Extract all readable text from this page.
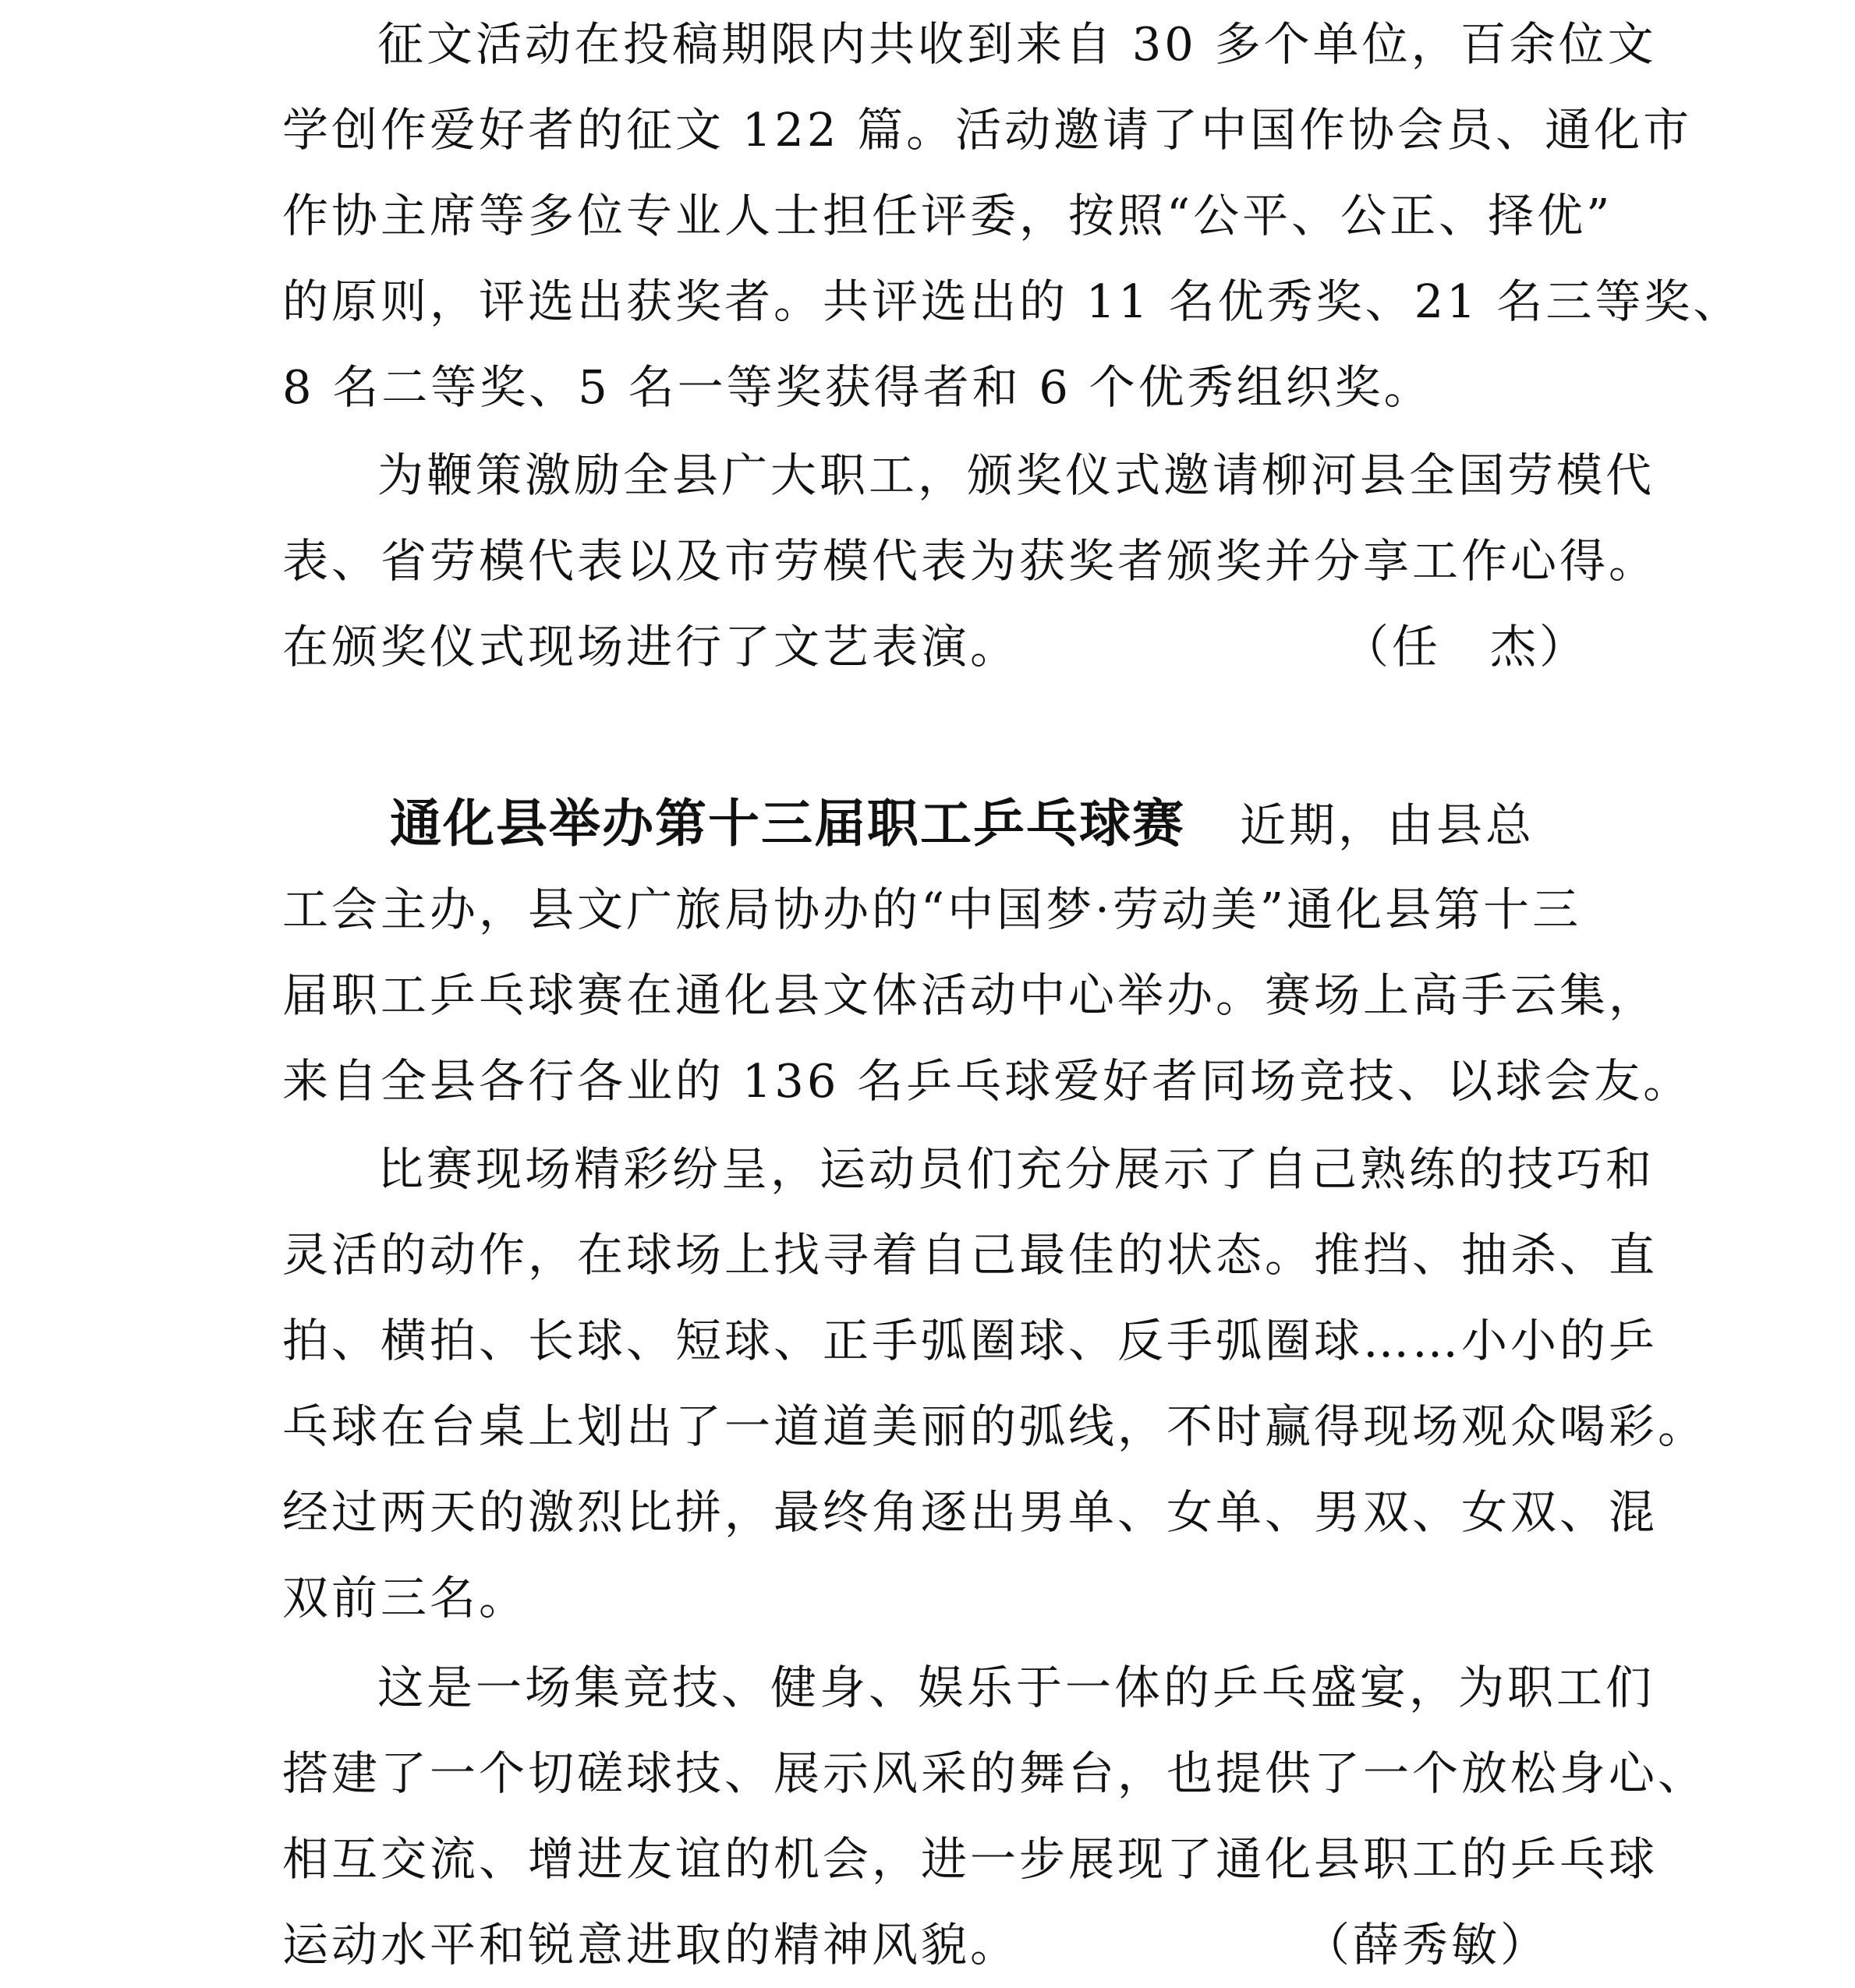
征文活动在投稿期限内共收到来自 30 多个单位，百余位文
学创作爱好者的征文 122 篇。活动邀请了中国作协会员、通化市
作协主席等多位专业人士担任评委，按照“公平、公正、择优”
的原则，评选出获奖者。共评选出的 11 名优秀奖、21 名三等奖、
8 名二等奖、5 名一等奖获得者和 6 个优秀组织奖。
为鞭策激励全县广大职工，颁奖仪式邀请柳河县全国劳模代
表、省劳模代表以及市劳模代表为获奖者颁奖并分享工作心得。
在颁奖仪式现场进行了文艺表演。	（任　杰）
通化县举办第十三届职工乒乓球赛 近期，由县总
工会主办，县文广旅局协办的“中国梦·劳动美”通化县第十三
届职工乒乓球赛在通化县文体活动中心举办。赛场上高手云集，
来自全县各行各业的 136 名乒乓球爱好者同场竞技、以球会友。
比赛现场精彩纷呈，运动员们充分展示了自己熟练的技巧和
灵活的动作，在球场上找寻着自己最佳的状态。推挡、抽杀、直
拍、横拍、长球、短球、正手弧圈球、反手弧圈球……小小的乒
乓球在台桌上划出了一道道美丽的弧线，不时赢得现场观众喝彩。
经过两天的激烈比拼，最终角逐出男单、女单、男双、女双、混
双前三名。
这是一场集竞技、健身、娱乐于一体的乒乓盛宴，为职工们
搭建了一个切磋球技、展示风采的舞台，也提供了一个放松身心、
相互交流、增进友谊的机会，进一步展现了通化县职工的乒乓球
运动水平和锐意进取的精神风貌。	（薛秀敏）
